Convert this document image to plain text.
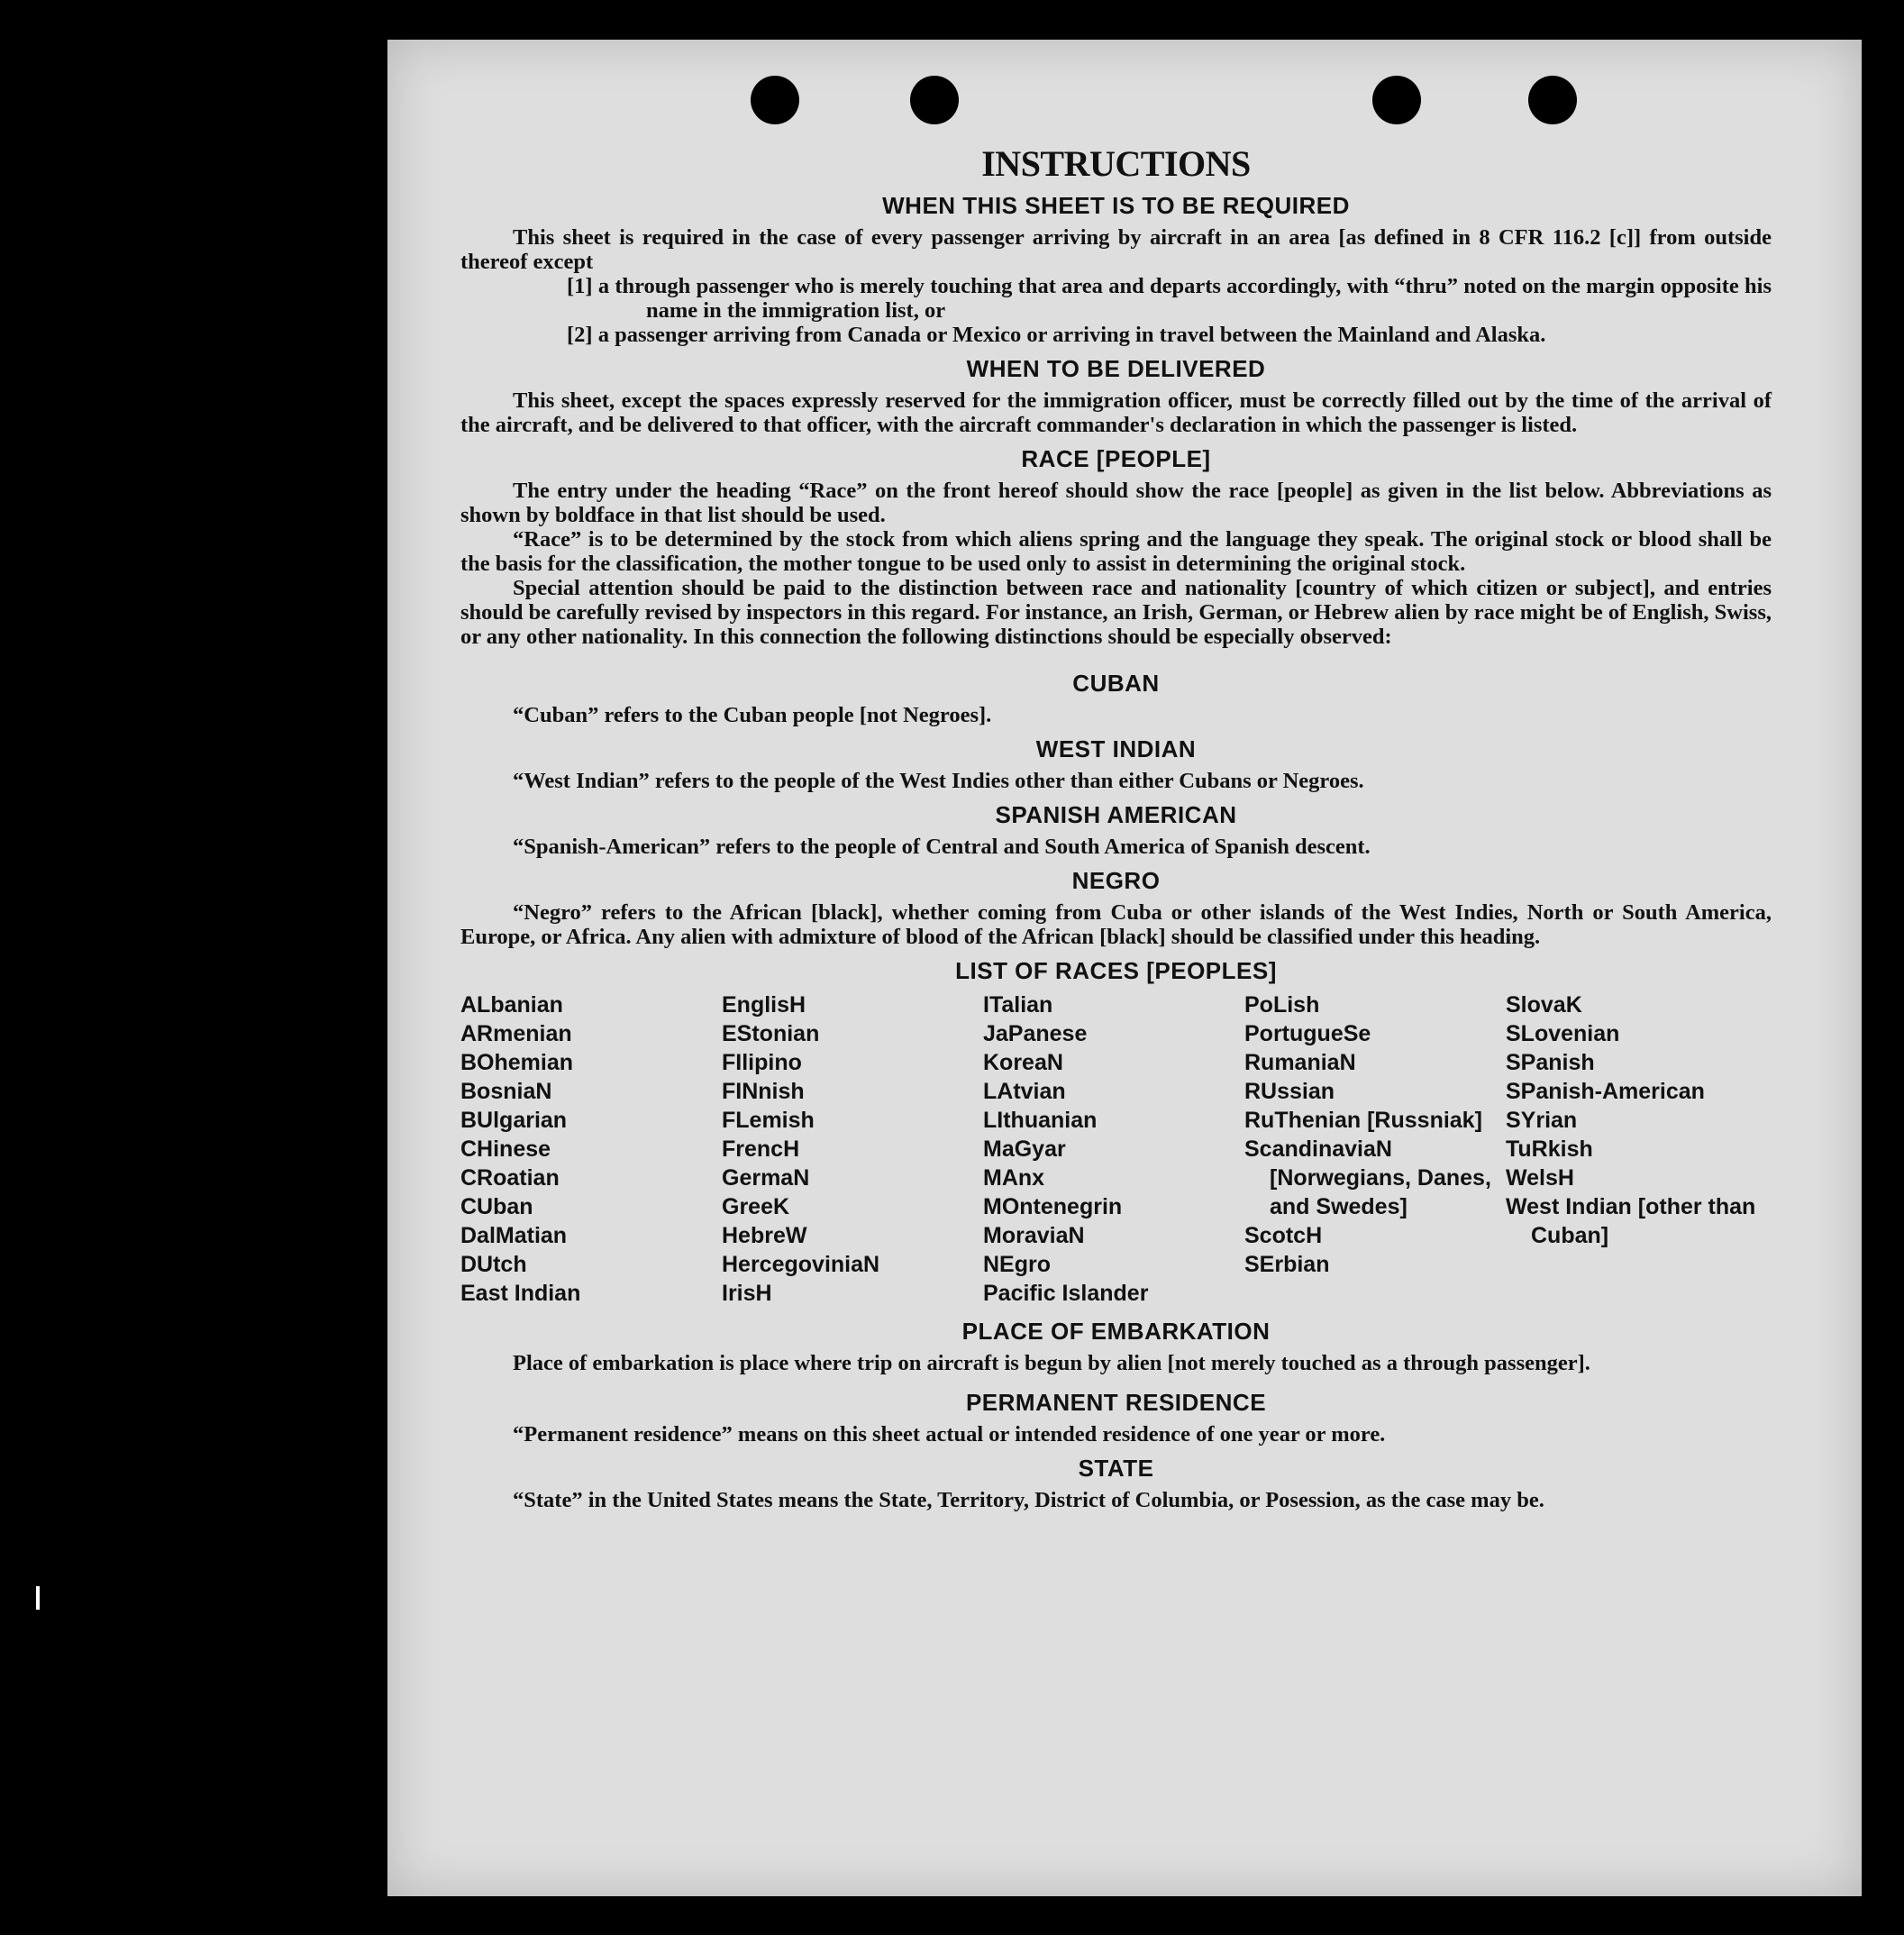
INSTRUCTIONS
WHEN THIS SHEET IS TO BE REQUIRED

This sheet is required in the case of every passenger arriving by aircraft in an area [as defined in 8 CFR 116.2 [c]] from outside thereof except

[1] a through passenger who is merely touching that area and departs accordingly, with “thru” noted on the margin opposite his name in the immigration list, or
[2] a passenger arriving from Canada or Mexico or arriving in travel between the Mainland and Alaska.
WHEN TO BE DELIVERED

This sheet, except the spaces expressly reserved for the immigration officer, must be correctly filled out by the time of the arrival of the aircraft, and be delivered to that officer, with the aircraft commander's declaration in which the passenger is listed.

RACE [PEOPLE]

The entry under the heading “Race” on the front hereof should show the race [people] as given in the list below. Abbreviations as shown by boldface in that list should be used.

“Race” is to be determined by the stock from which aliens spring and the language they speak. The original stock or blood shall be the basis for the classification, the mother tongue to be used only to assist in determining the original stock.

Special attention should be paid to the distinction between race and nationality [country of which citizen or subject], and entries should be carefully revised by inspectors in this regard. For instance, an Irish, German, or Hebrew alien by race might be of English, Swiss, or any other nationality. In this connection the following distinctions should be especially observed:

CUBAN

“Cuban” refers to the Cuban people [not Negroes].

WEST INDIAN

“West Indian” refers to the people of the West Indies other than either Cubans or Negroes.

SPANISH AMERICAN

“Spanish-American” refers to the people of Central and South America of Spanish descent.

NEGRO

“Negro” refers to the African [black], whether coming from Cuba or other islands of the West Indies, North or South America, Europe, or Africa. Any alien with admixture of blood of the African [black] should be classified under this heading.

LIST OF RACES [PEOPLES]
ALbanian
ARmenian
BOhemian
BosniaN
BUlgarian
CHinese
CRoatian
CUban
DalMatian
DUtch
East Indian
EnglisH
EStonian
FIlipino
FINnish
FLemish
FrencH
GermaN
GreeK
HebreW
HercegoviniaN
IrisH
ITalian
JaPanese
KoreaN
LAtvian
LIthuanian
MaGyar
MAnx
MOntenegrin
MoraviaN
NEgro
Pacific Islander
PoLish
PortugueSe
RumaniaN
RUssian
RuThenian [Russniak]
ScandinaviaN [Norwegians, Danes, and Swedes]
ScotcH
SErbian
SlovaK
SLovenian
SPanish
SPanish-American
SYrian
TuRkish
WelsH
West Indian [other than Cuban]
PLACE OF EMBARKATION

Place of embarkation is place where trip on aircraft is begun by alien [not merely touched as a through passenger].

PERMANENT RESIDENCE

“Permanent residence” means on this sheet actual or intended residence of one year or more.

STATE

“State” in the United States means the State, Territory, District of Columbia, or Posession, as the case may be.
